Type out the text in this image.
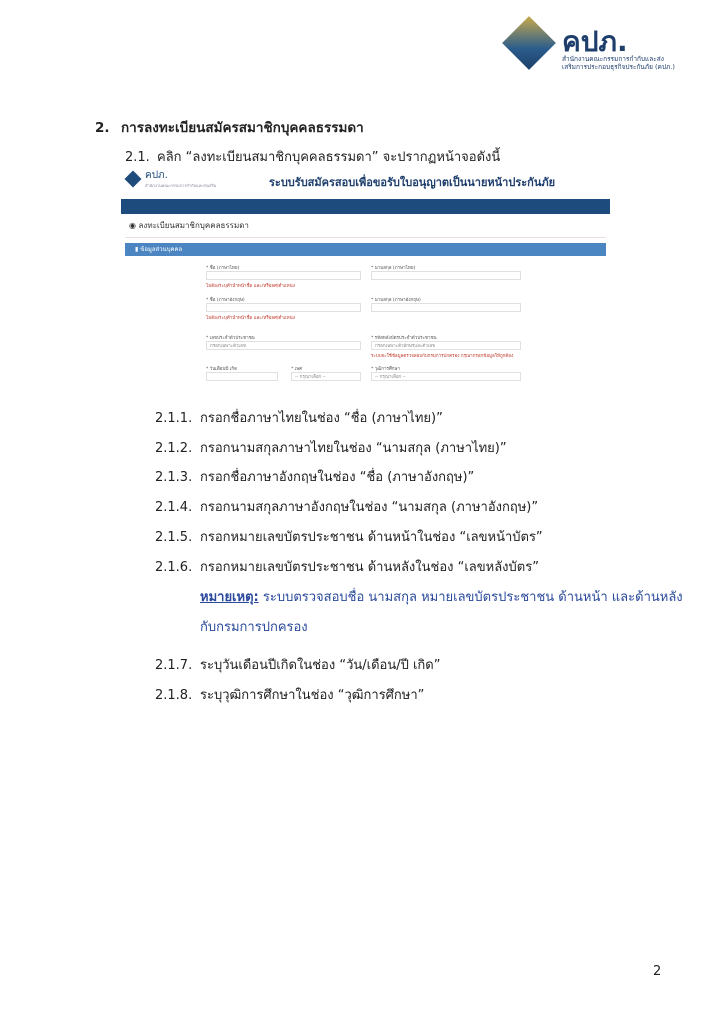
คปภ.
สำนักงานคณะกรรมการกำกับและส่งเสริมการประกอบธุรกิจประกันภัย (คปภ.)
2. การลงทะเบียนสมัครสมาชิกบุคคลธรรมดา
2.1. คลิก “ลงทะเบียนสมาชิกบุคคลธรรมดา” จะปรากฏหน้าจอดังนี้
คปภ.
สำนักงานคณะกรรมการกำกับและส่งเสริม	ระบบรับสมัครสอบเพื่อขอรับใบอนุญาตเป็นนายหน้าประกันภัย
◉ ลงทะเบียนสมาชิกบุคคลธรรมดา
▮ ข้อมูลส่วนบุคคล
* ชื่อ (ภาษาไทย)
ไม่ต้องระบุคำนำหน้าชื่อ และ/หรือยศ/ตำแหน่ง
* นามสกุล (ภาษาไทย)
* ชื่อ (ภาษาอังกฤษ)
ไม่ต้องระบุคำนำหน้าชื่อ และ/หรือยศ/ตำแหน่ง
* นามสกุล (ภาษาอังกฤษ)
* เลขประจำตัวประชาชน
กรอกเฉพาะตัวเลข
* รหัสหลังบัตรประจำตัวประชาชน
กรอกเฉพาะตัวอักษรและตัวเลข
ระบบจะใช้ข้อมูลตรวจสอบกับกรมการปกครอง กรุณากรอกข้อมูลให้ถูกต้อง
* วันเดือนปี เกิด	* เพศ
-- กรุณาเลือก --
* วุฒิการศึกษา
-- กรุณาเลือก --
2.1.1. กรอกชื่อภาษาไทยในช่อง “ชื่อ (ภาษาไทย)”
2.1.2. กรอกนามสกุลภาษาไทยในช่อง “นามสกุล (ภาษาไทย)”
2.1.3. กรอกชื่อภาษาอังกฤษในช่อง “ชื่อ (ภาษาอังกฤษ)”
2.1.4. กรอกนามสกุลภาษาอังกฤษในช่อง “นามสกุล (ภาษาอังกฤษ)”
2.1.5. กรอกหมายเลขบัตรประชาชน ด้านหน้าในช่อง “เลขหน้าบัตร”
2.1.6. กรอกหมายเลขบัตรประชาชน ด้านหลังในช่อง “เลขหลังบัตร”
หมายเหตุ: ระบบตรวจสอบชื่อ นามสกุล หมายเลขบัตรประชาชน ด้านหน้า และด้านหลัง
กับกรมการปกครอง
2.1.7. ระบุวันเดือนปีเกิดในช่อง “วัน/เดือน/ปี เกิด”
2.1.8. ระบุวุฒิการศึกษาในช่อง “วุฒิการศึกษา”
2
